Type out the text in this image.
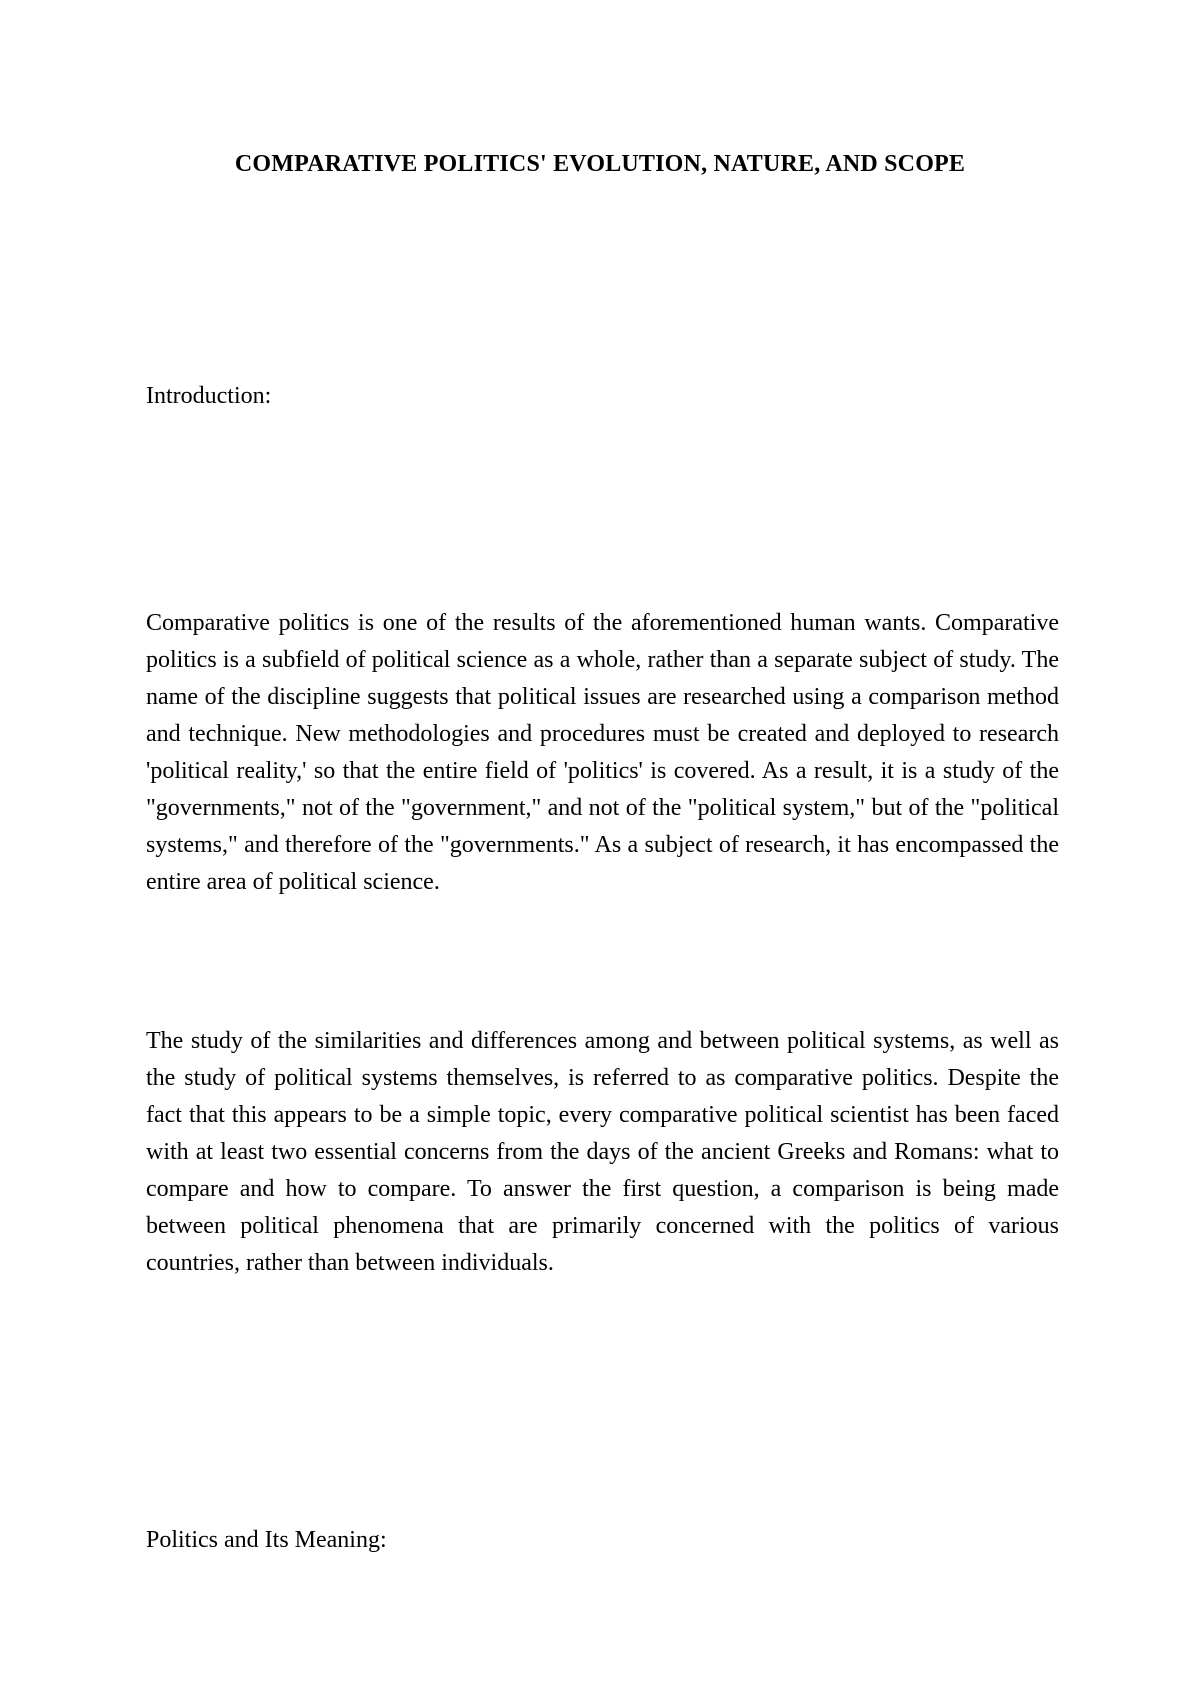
COMPARATIVE POLITICS' EVOLUTION, NATURE, AND SCOPE
Introduction:

Comparative politics is one of the results of the aforementioned human wants. Comparative politics is a subfield of political science as a whole, rather than a separate subject of study. The name of the discipline suggests that political issues are researched using a comparison method and technique. New methodologies and procedures must be created and deployed to research 'political reality,' so that the entire field of 'politics' is covered. As a result, it is a study of the "governments," not of the "government," and not of the "political system," but of the "political systems," and therefore of the "governments." As a subject of research, it has encompassed the entire area of political science.

The study of the similarities and differences among and between political systems, as well as the study of political systems themselves, is referred to as comparative politics. Despite the fact that this appears to be a simple topic, every comparative political scientist has been faced with at least two essential concerns from the days of the ancient Greeks and Romans: what to compare and how to compare. To answer the first question, a comparison is being made between political phenomena that are primarily concerned with the politics of various countries, rather than between individuals.

Politics and Its Meaning:
